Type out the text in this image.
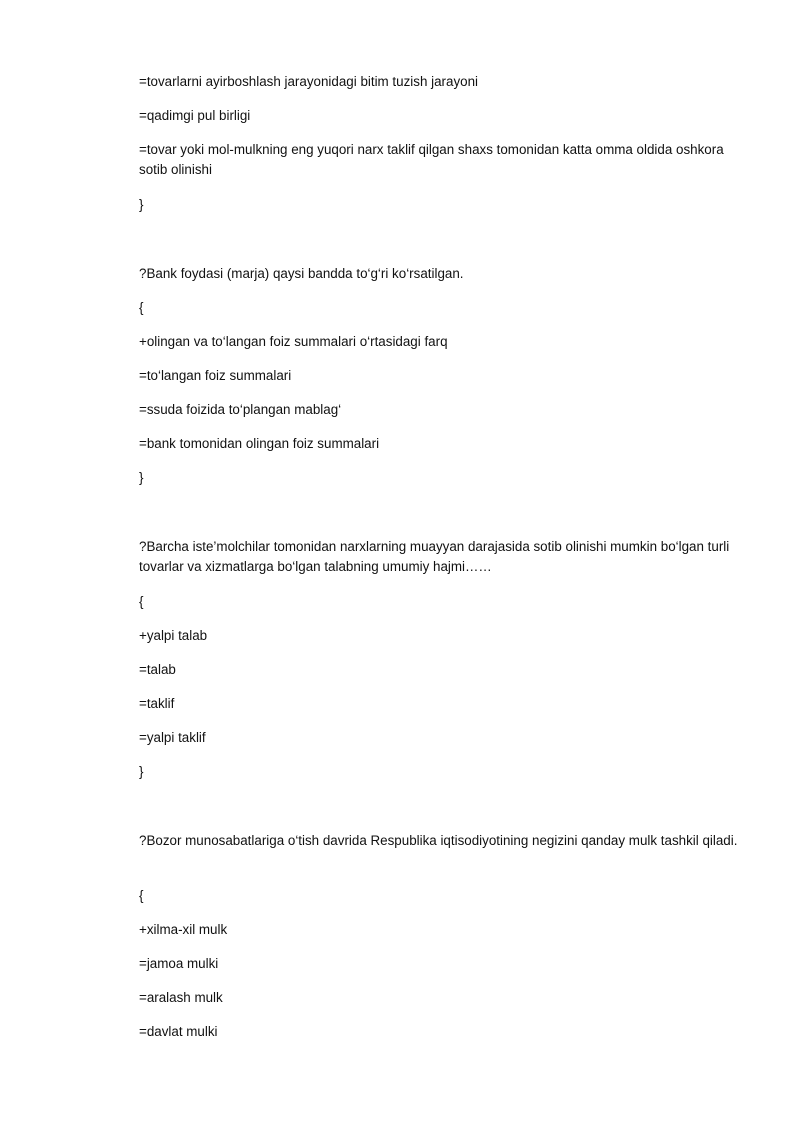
=tovarlarni ayirboshlash jarayonidagi bitim tuzish jarayoni
=qadimgi pul birligi
=tovar yoki mol-mulkning eng yuqori narx taklif qilgan shaxs tomonidan katta omma oldida oshkora sotib olinishi
}
?Bank foydasi (marja) qaysi bandda to‘g‘ri ko‘rsatilgan.
{
+olingan va to‘langan foiz summalari o‘rtasidagi farq
=to‘langan foiz summalari
=ssuda foizida to‘plangan mablag‘
=bank tomonidan olingan foiz summalari
}
?Barcha iste’molchilar tomonidan narxlarning muayyan darajasida sotib olinishi mumkin bo‘lgan turli tovarlar va xizmatlarga bo‘lgan talabning umumiy hajmi……
{
+yalpi talab
=talab
=taklif
=yalpi taklif
}
?Bozor munosabatlariga o‘tish davrida Respublika iqtisodiyotining negizini qanday mulk tashkil qiladi.
{
+xilma-xil mulk
=jamoa mulki
=aralash mulk
=davlat mulki
